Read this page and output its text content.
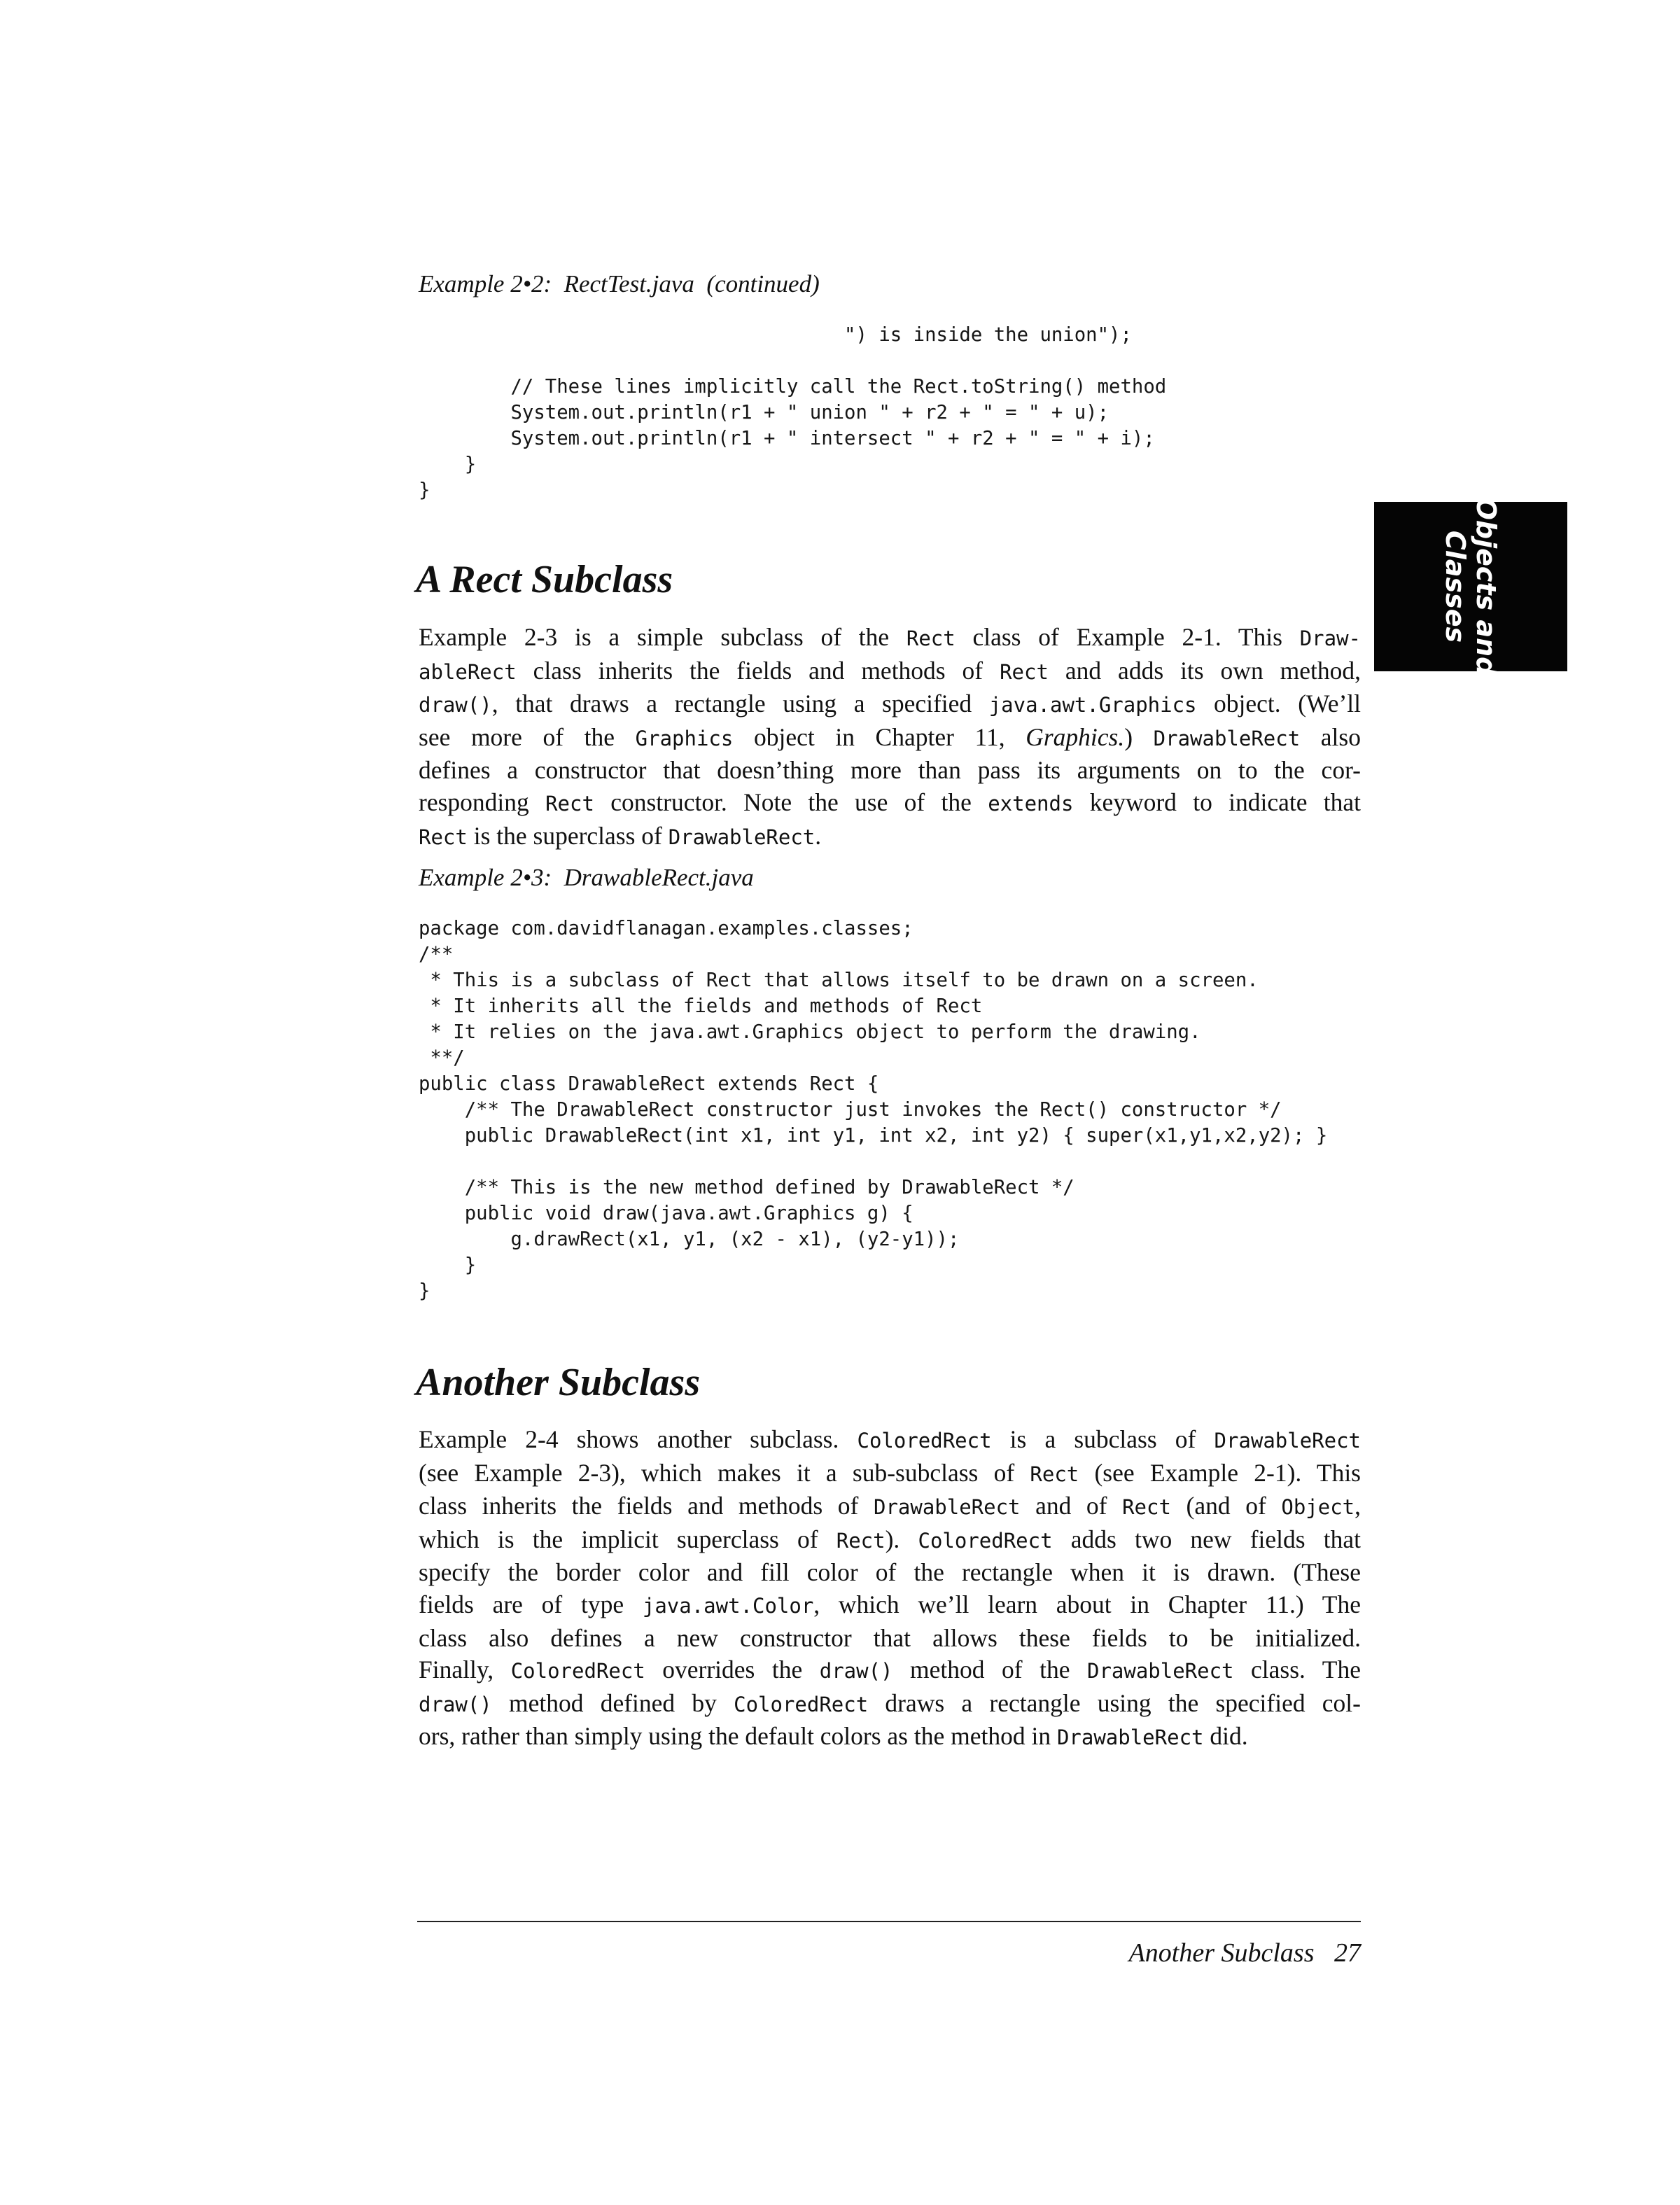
Example 2•2:  RectTest.java  (continued)

") is inside the union");

// These lines implicitly call the Rect.toString() method
System.out.println(r1 + " union " + r2 + " = " + u);
System.out.println(r1 + " intersect " + r2 + " = " + i);
}
}

Objects and
Classes

A Rect Subclass
Example 2-3 is a simple subclass of the Rect class of Example 2-1. This Draw-
ableRect class inherits the fields and methods of Rect and adds its own method,
draw(), that draws a rectangle using a specified java.awt.Graphics object. (We’ll
see more of the Graphics object in Chapter 11, Graphics.) DrawableRect also
defines a constructor that doesn’thing more than pass its arguments on to the cor-
responding Rect constructor. Note the use of the extends keyword to indicate that
Rect is the superclass of DrawableRect.

Example 2•3:  DrawableRect.java

package com.davidflanagan.examples.classes;
/**
* This is a subclass of Rect that allows itself to be drawn on a screen.
* It inherits all the fields and methods of Rect
* It relies on the java.awt.Graphics object to perform the drawing.
**/
public class DrawableRect extends Rect {
/** The DrawableRect constructor just invokes the Rect() constructor */
public DrawableRect(int x1, int y1, int x2, int y2) { super(x1,y1,x2,y2); }

/** This is the new method defined by DrawableRect */
public void draw(java.awt.Graphics g) {
g.drawRect(x1, y1, (x2 - x1), (y2-y1));
}
}
Another Subclass
Example 2-4 shows another subclass. ColoredRect is a subclass of DrawableRect
(see Example 2-3), which makes it a sub-subclass of Rect (see Example 2-1). This
class inherits the fields and methods of DrawableRect and of Rect (and of Object,
which is the implicit superclass of Rect). ColoredRect adds two new fields that
specify the border color and fill color of the rectangle when it is drawn. (These
fields are of type java.awt.Color, which we’ll learn about in Chapter 11.) The
class also defines a new constructor that allows these fields to be initialized.
Finally, ColoredRect overrides the draw() method of the DrawableRect class. The
draw() method defined by ColoredRect draws a rectangle using the specified col-
ors, rather than simply using the default colors as the method in DrawableRect did.

Another Subclass 27
